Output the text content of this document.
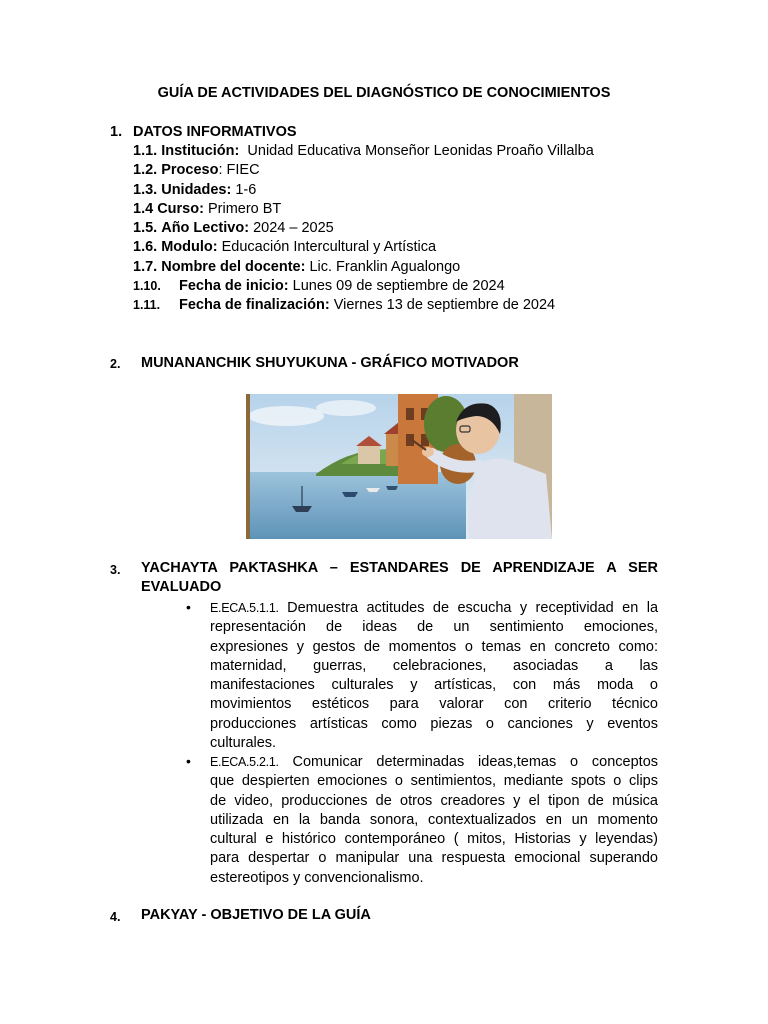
GUÍA DE ACTIVIDADES DEL DIAGNÓSTICO DE CONOCIMIENTOS
1. DATOS INFORMATIVOS
1.1. Institución: Unidad Educativa Monseñor Leonidas Proaño Villalba
1.2. Proceso: FIEC
1.3. Unidades: 1-6
1.4 Curso: Primero BT
1.5. Año Lectivo: 2024 – 2025
1.6. Modulo: Educación Intercultural y Artística
1.7. Nombre del docente: Lic. Franklin Agualongo
1.10. Fecha de inicio: Lunes 09 de septiembre de 2024
1.11. Fecha de finalización: Viernes 13 de septiembre de 2024
2. MUNANANCHIK SHUYUKUNA - GRÁFICO MOTIVADOR
3. YACHAYTA PAKTASHKA – ESTANDARES DE APRENDIZAJE A SER
EVALUADO
• E.ECA.5.1.1. Demuestra actitudes de escucha y receptividad en la
representación de ideas de un sentimiento emociones,
expresiones y gestos de momentos o temas en concreto como:
maternidad, guerras, celebraciones, asociadas a las
manifestaciones culturales y artísticas, con más moda o
movimientos estéticos para valorar con criterio técnico
producciones artísticas como piezas o canciones y eventos
culturales.
• E.ECA.5.2.1. Comunicar determinadas ideas,temas o conceptos
que despierten emociones o sentimientos, mediante spots o clips
de video, producciones de otros creadores y el tipon de música
utilizada en la banda sonora, contextualizados en un momento
cultural e histórico contemporáneo ( mitos, Historias y leyendas)
para despertar o manipular una respuesta emocional superando
estereotipos y convencionalismo.
4. PAKYAY - OBJETIVO DE LA GUÍA
